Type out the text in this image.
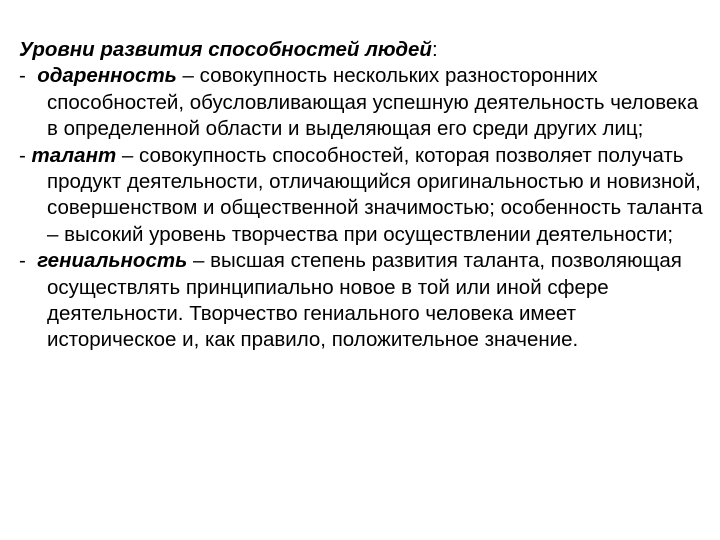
Уровни развития способностей людей:

- одаренность – совокупность нескольких разносторонних способностей, обусловливающая успешную деятельность человека в определенной области и выделяющая его среди других лиц;
- талант – совокупность способностей, которая позволяет получать продукт деятельности, отличающийся оригинальностью и новизной, совершенством и общественной значимостью; особенность таланта – высокий уровень творчества при осуществлении деятельности;
- гениальность – высшая степень развития таланта, позволяющая осуществлять принципиально новое в той или иной сфере деятельности. Творчество гениального человека имеет историческое и, как правило, положительное значение.
